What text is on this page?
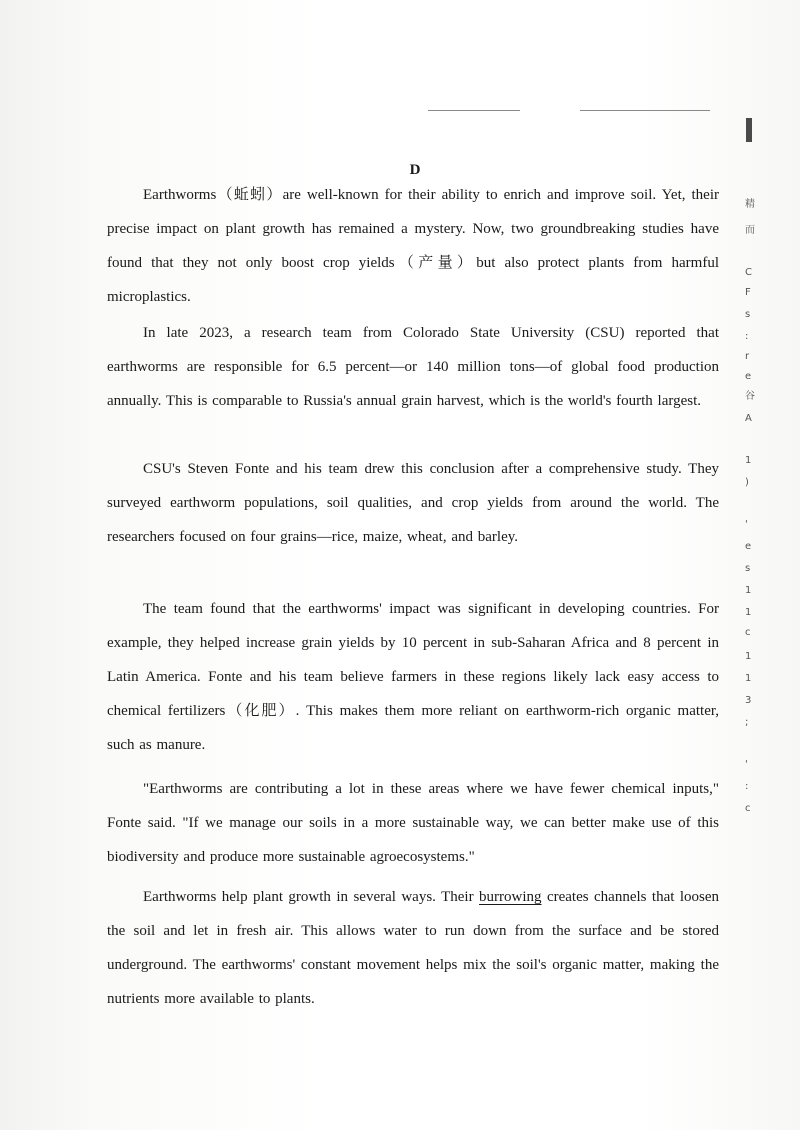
精
而
C
F
s
:
r
e
谷
A
1
)
'
e
s
1
1
c
1
1
3
;
'
:
c
D

Earthworms（蚯蚓）are well-known for their ability to enrich and improve soil. Yet, their precise impact on plant growth has remained a mystery. Now, two groundbreaking studies have found that they not only boost crop yields（产量）but also protect plants from harmful microplastics.

In late 2023, a research team from Colorado State University (CSU) reported that earthworms are responsible for 6.5 percent—or 140 million tons—of global food production annually. This is comparable to Russia's annual grain harvest, which is the world's fourth largest.

CSU's Steven Fonte and his team drew this conclusion after a comprehensive study. They surveyed earthworm populations, soil qualities, and crop yields from around the world. The researchers focused on four grains—rice, maize, wheat, and barley.

The team found that the earthworms' impact was significant in developing countries. For example, they helped increase grain yields by 10 percent in sub-Saharan Africa and 8 percent in Latin America. Fonte and his team believe farmers in these regions likely lack easy access to chemical fertilizers（化肥）. This makes them more reliant on earthworm-rich organic matter, such as manure.

"Earthworms are contributing a lot in these areas where we have fewer chemical inputs," Fonte said. "If we manage our soils in a more sustainable way, we can better make use of this biodiversity and produce more sustainable agroecosystems."

Earthworms help plant growth in several ways. Their burrowing creates channels that loosen the soil and let in fresh air. This allows water to run down from the surface and be stored underground. The earthworms' constant movement helps mix the soil's organic matter, making the nutrients more available to plants.
